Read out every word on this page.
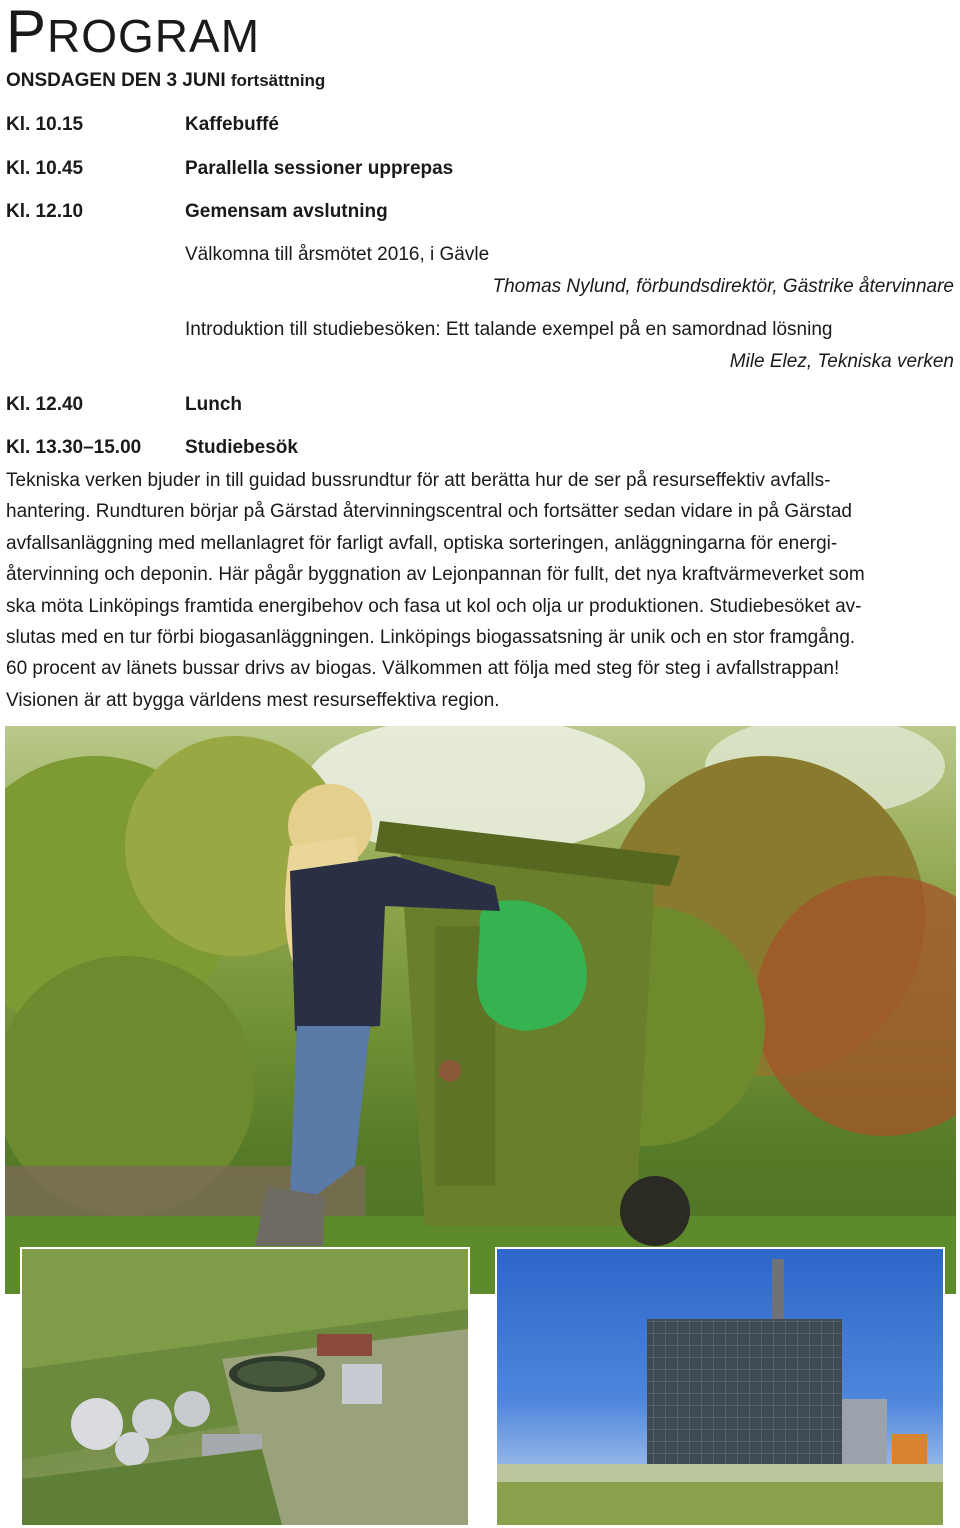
PROGRAM
ONSDAGEN DEN 3 JUNI fortsättning
Kl. 10.15	Kaffebuffé
Kl. 10.45	Parallella sessioner upprepas
Kl. 12.10	Gemensam avslutning
Välkomna till årsmötet 2016, i Gävle
Thomas Nylund, förbundsdirektör, Gästrike återvinnare
Introduktion till studiebesöken: Ett talande exempel på en samordnad lösning
Mile Elez, Tekniska verken
Kl. 12.40	Lunch
Kl. 13.30–15.00 Studiebesök

Tekniska verken bjuder in till guidad bussrundtur för att berätta hur de ser på resurseffektiv avfalls-
hantering. Rundturen börjar på Gärstad återvinningscentral och fortsätter sedan vidare in på Gärstad
avfallsanläggning med mellanlagret för farligt avfall, optiska sorteringen, anläggningarna för energi-
återvinning och deponin. Här pågår byggnation av Lejonpannan för fullt, det nya kraftvärmeverket som
ska möta Linköpings framtida energibehov och fasa ut kol och olja ur produktionen. Studiebesöket av-
slutas med en tur förbi biogasanläggningen. Linköpings biogassatsning är unik och en stor framgång.
60 procent av länets bussar drivs av biogas. Välkommen att följa med steg för steg i avfallstrappan!
Visionen är att bygga världens mest resurseffektiva region.
